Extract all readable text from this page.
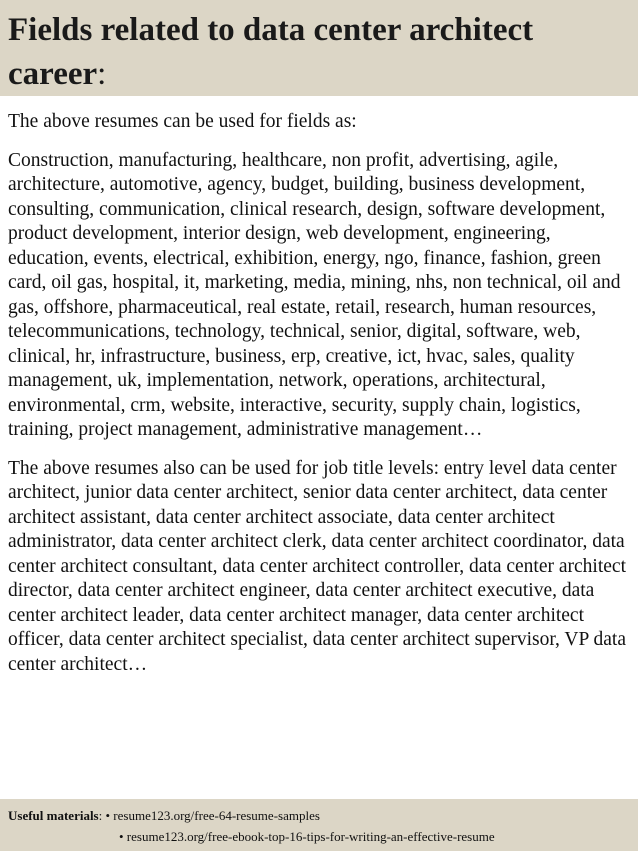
Fields related to data center architect career:

The above resumes can be used for fields as:

Construction, manufacturing, healthcare, non profit, advertising, agile, architecture, automotive, agency, budget, building, business development, consulting, communication, clinical research, design, software development, product development, interior design, web development, engineering, education, events, electrical, exhibition, energy, ngo, finance, fashion, green card, oil gas, hospital, it, marketing, media, mining, nhs, non technical, oil and gas, offshore, pharmaceutical, real estate, retail, research, human resources, telecommunications, technology, technical, senior, digital, software, web, clinical, hr, infrastructure, business, erp, creative, ict, hvac, sales, quality management, uk, implementation, network, operations, architectural, environmental, crm, website, interactive, security, supply chain, logistics, training, project management, administrative management…

The above resumes also can be used for job title levels: entry level data center architect, junior data center architect, senior data center architect, data center architect assistant, data center architect associate, data center architect administrator, data center architect clerk, data center architect coordinator, data center architect consultant, data center architect controller, data center architect director, data center architect engineer, data center architect executive, data center architect leader, data center architect manager, data center architect officer, data center architect specialist, data center architect supervisor, VP data center architect…

Useful materials: • resume123.org/free-64-resume-samples
• resume123.org/free-ebook-top-16-tips-for-writing-an-effective-resume
